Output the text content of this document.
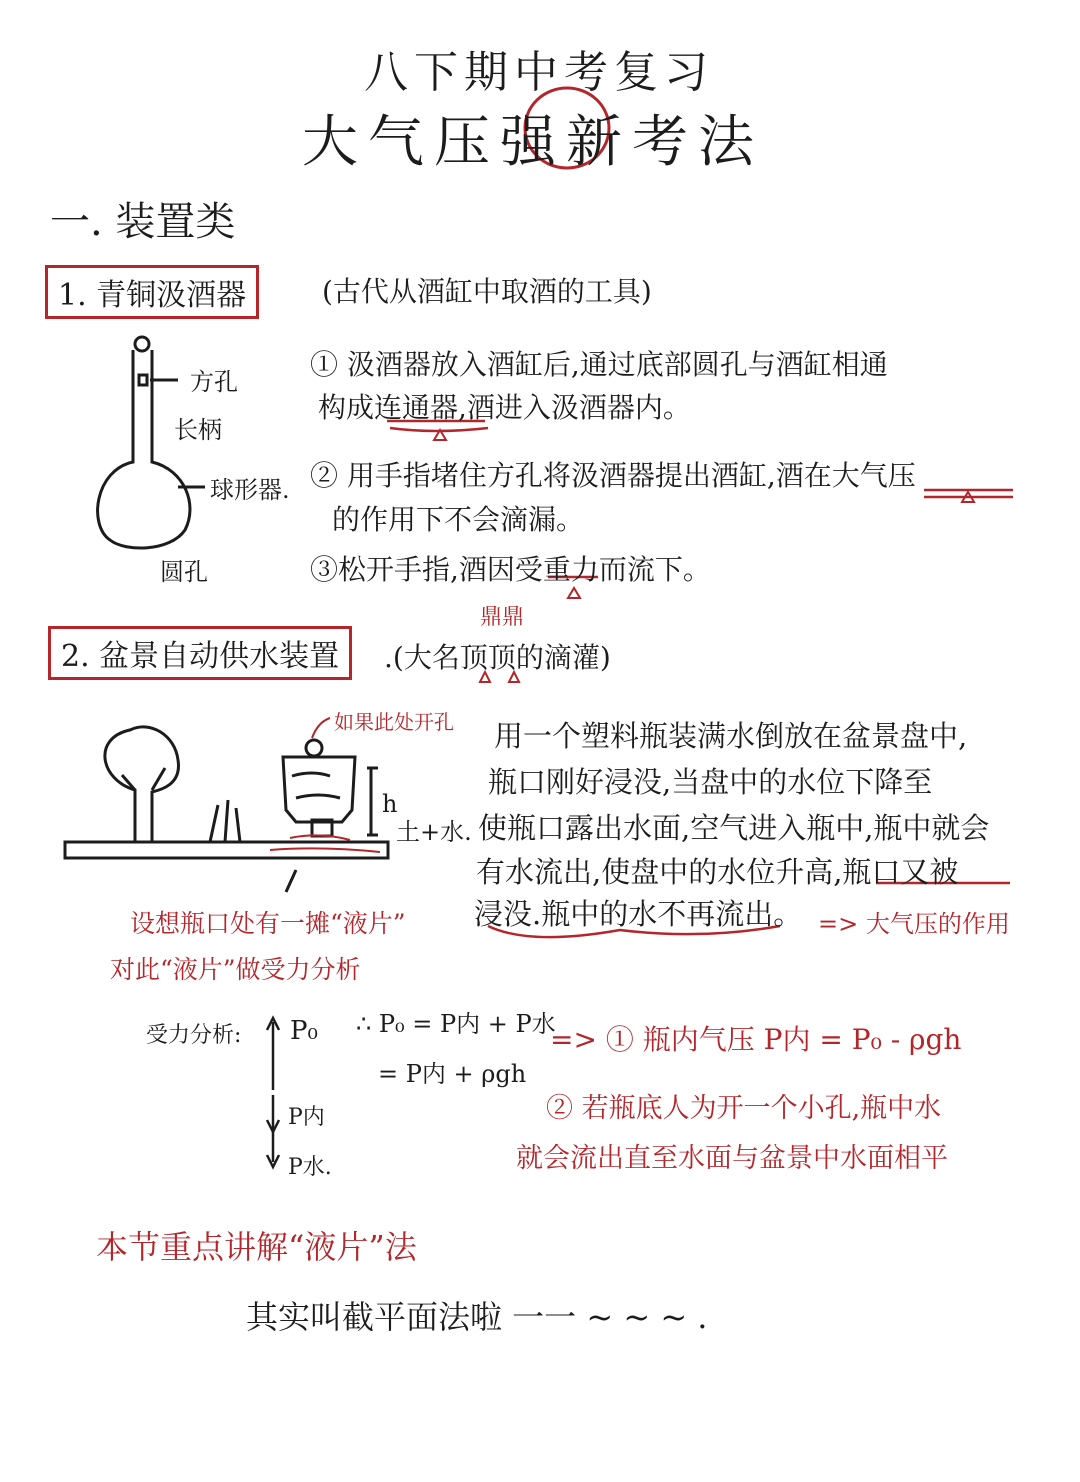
八下期中考复习
大气压强新考法
一. 装置类
1. 青铜汲酒器	(古代从酒缸中取酒的工具)
方孔
长柄
球形器.
圆孔
① 汲酒器放入酒缸后,通过底部圆孔与酒缸相通
构成连通器,酒进入汲酒器内。
② 用手指堵住方孔将汲酒器提出酒缸,酒在大气压
的作用下不会滴漏。
③松开手指,酒因受重力而流下。
鼎鼎
2. 盆景自动供水装置	.(大名顶顶的滴灌)
如果此处开孔
h
土+水.
用一个塑料瓶装满水倒放在盆景盘中,
瓶口刚好浸没,当盘中的水位下降至
使瓶口露出水面,空气进入瓶中,瓶中就会
有水流出,使盘中的水位升高,瓶口又被
浸没.瓶中的水不再流出。 => 大气压的作用
设想瓶口处有一摊“液片”
对此“液片”做受力分析
受力分析: P₀
P内
P水.
∴ P₀ = P内 + P水
= P内 + ρgh
=> ① 瓶内气压 P内 = P₀ - ρgh
② 若瓶底人为开一个小孔,瓶中水
就会流出直至水面与盆景中水面相平
本节重点讲解“液片”法
其实叫截平面法啦 一一 ~ ~ ~ .
